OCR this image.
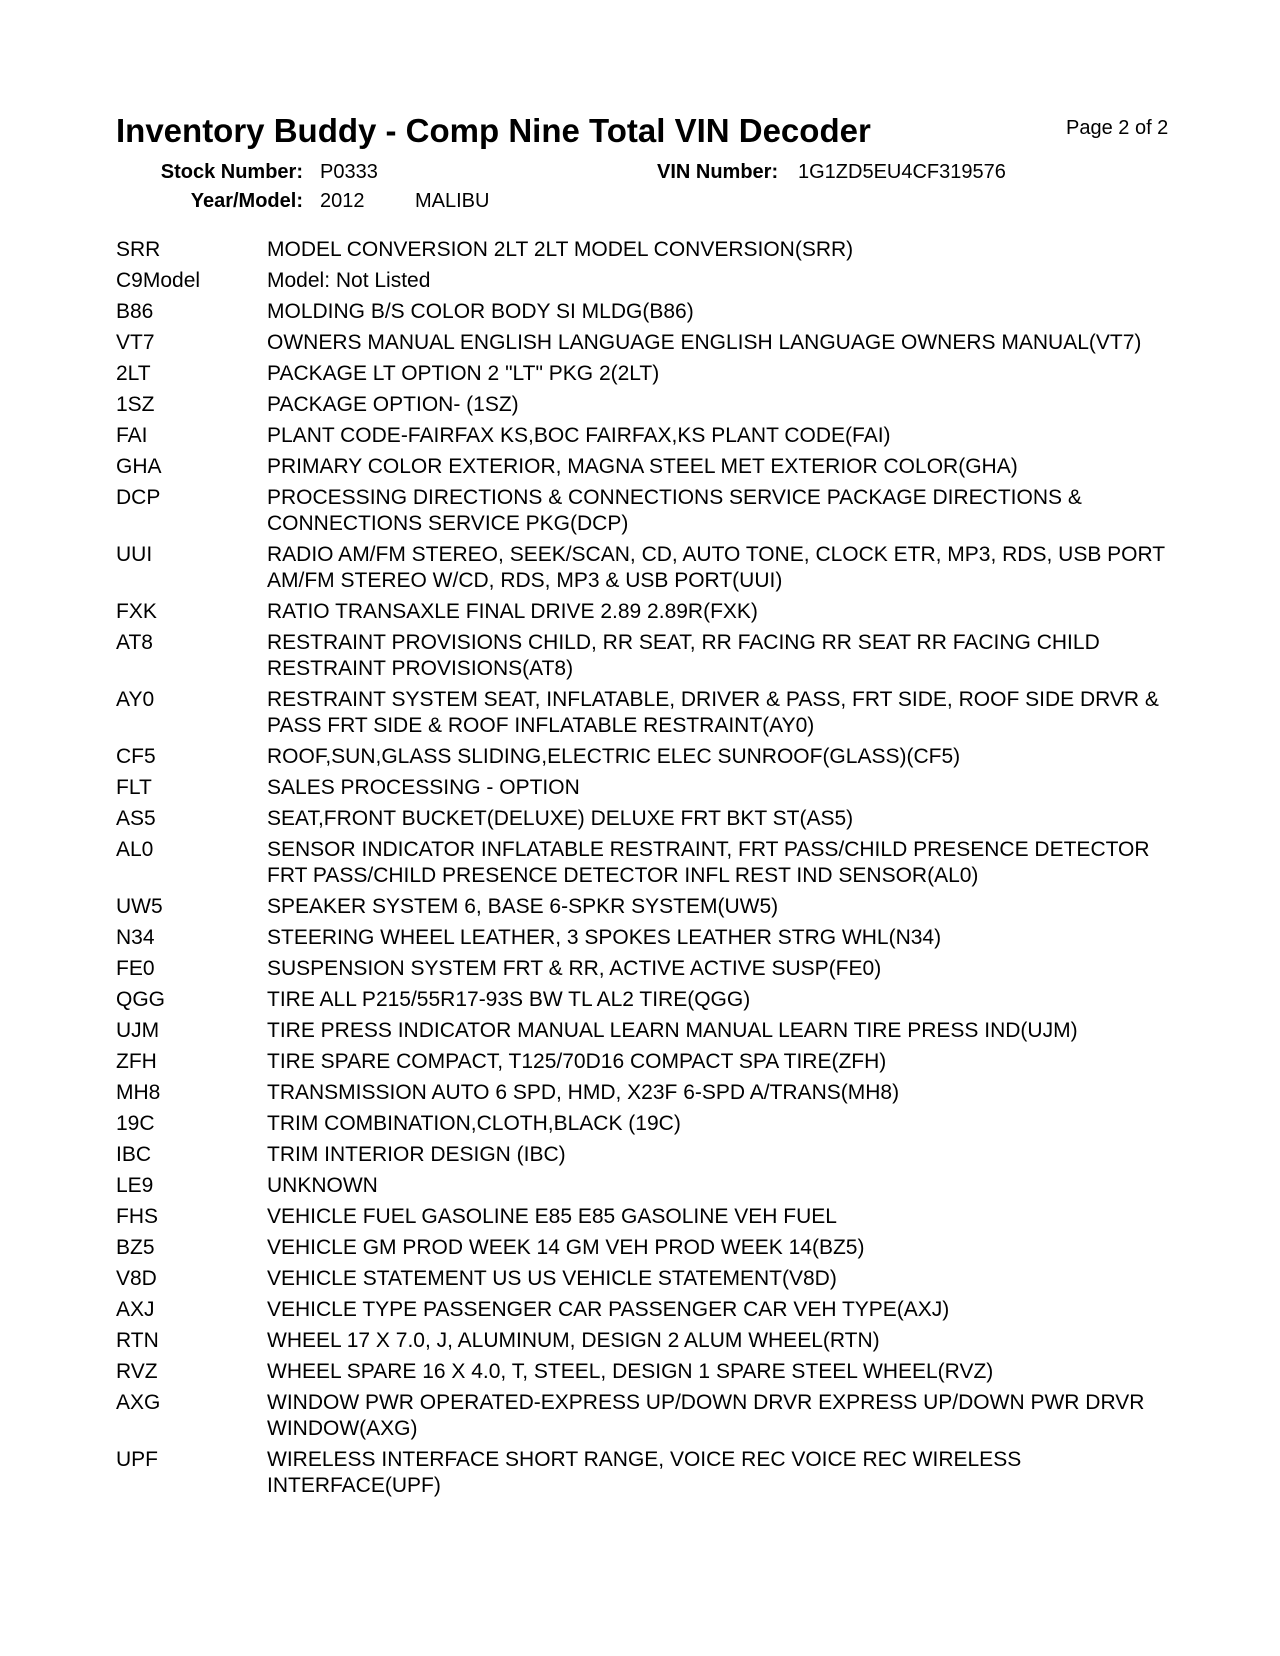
Inventory Buddy - Comp Nine Total VIN Decoder	Page 2 of 2
Stock Number: P0333	VIN Number: 1G1ZD5EU4CF319576
Year/Model: 2012	MALIBU
SRR	MODEL CONVERSION 2LT 2LT MODEL CONVERSION(SRR)
C9Model	Model: Not Listed
B86	MOLDING B/S COLOR BODY SI MLDG(B86)
VT7	OWNERS MANUAL ENGLISH LANGUAGE ENGLISH LANGUAGE OWNERS MANUAL(VT7)
2LT	PACKAGE LT OPTION 2 "LT" PKG 2(2LT)
1SZ	PACKAGE OPTION- (1SZ)
FAI	PLANT CODE-FAIRFAX KS,BOC FAIRFAX,KS PLANT CODE(FAI)
GHA	PRIMARY COLOR EXTERIOR, MAGNA STEEL MET EXTERIOR COLOR(GHA)
DCP	PROCESSING DIRECTIONS & CONNECTIONS SERVICE PACKAGE DIRECTIONS & CONNECTIONS SERVICE PKG(DCP)
UUI	RADIO AM/FM STEREO, SEEK/SCAN, CD, AUTO TONE, CLOCK ETR, MP3, RDS, USB PORT AM/FM STEREO W/CD, RDS, MP3 & USB PORT(UUI)
FXK	RATIO TRANSAXLE FINAL DRIVE 2.89 2.89R(FXK)
AT8	RESTRAINT PROVISIONS CHILD, RR SEAT, RR FACING RR SEAT RR FACING CHILD RESTRAINT PROVISIONS(AT8)
AY0	RESTRAINT SYSTEM SEAT, INFLATABLE, DRIVER & PASS, FRT SIDE, ROOF SIDE DRVR & PASS FRT SIDE & ROOF INFLATABLE RESTRAINT(AY0)
CF5	ROOF,SUN,GLASS SLIDING,ELECTRIC ELEC SUNROOF(GLASS)(CF5)
FLT	SALES PROCESSING - OPTION
AS5	SEAT,FRONT BUCKET(DELUXE) DELUXE FRT BKT ST(AS5)
AL0	SENSOR INDICATOR INFLATABLE RESTRAINT, FRT PASS/CHILD PRESENCE DETECTOR FRT PASS/CHILD PRESENCE DETECTOR INFL REST IND SENSOR(AL0)
UW5	SPEAKER SYSTEM 6, BASE 6-SPKR SYSTEM(UW5)
N34	STEERING WHEEL LEATHER, 3 SPOKES LEATHER STRG WHL(N34)
FE0	SUSPENSION SYSTEM FRT & RR, ACTIVE ACTIVE SUSP(FE0)
QGG	TIRE ALL P215/55R17-93S BW TL AL2 TIRE(QGG)
UJM	TIRE PRESS INDICATOR MANUAL LEARN MANUAL LEARN TIRE PRESS IND(UJM)
ZFH	TIRE SPARE COMPACT, T125/70D16 COMPACT SPA TIRE(ZFH)
MH8	TRANSMISSION AUTO 6 SPD, HMD, X23F 6-SPD A/TRANS(MH8)
19C	TRIM COMBINATION,CLOTH,BLACK (19C)
IBC	TRIM INTERIOR DESIGN (IBC)
LE9	UNKNOWN
FHS	VEHICLE FUEL GASOLINE E85 E85 GASOLINE VEH FUEL
BZ5	VEHICLE GM PROD WEEK 14 GM VEH PROD WEEK 14(BZ5)
V8D	VEHICLE STATEMENT US US VEHICLE STATEMENT(V8D)
AXJ	VEHICLE TYPE PASSENGER CAR PASSENGER CAR VEH TYPE(AXJ)
RTN	WHEEL 17 X 7.0, J, ALUMINUM, DESIGN 2 ALUM WHEEL(RTN)
RVZ	WHEEL SPARE 16 X 4.0, T, STEEL, DESIGN 1 SPARE STEEL WHEEL(RVZ)
AXG	WINDOW PWR OPERATED-EXPRESS UP/DOWN DRVR EXPRESS UP/DOWN PWR DRVR WINDOW(AXG)
UPF	WIRELESS INTERFACE SHORT RANGE, VOICE REC VOICE REC WIRELESS INTERFACE(UPF)
